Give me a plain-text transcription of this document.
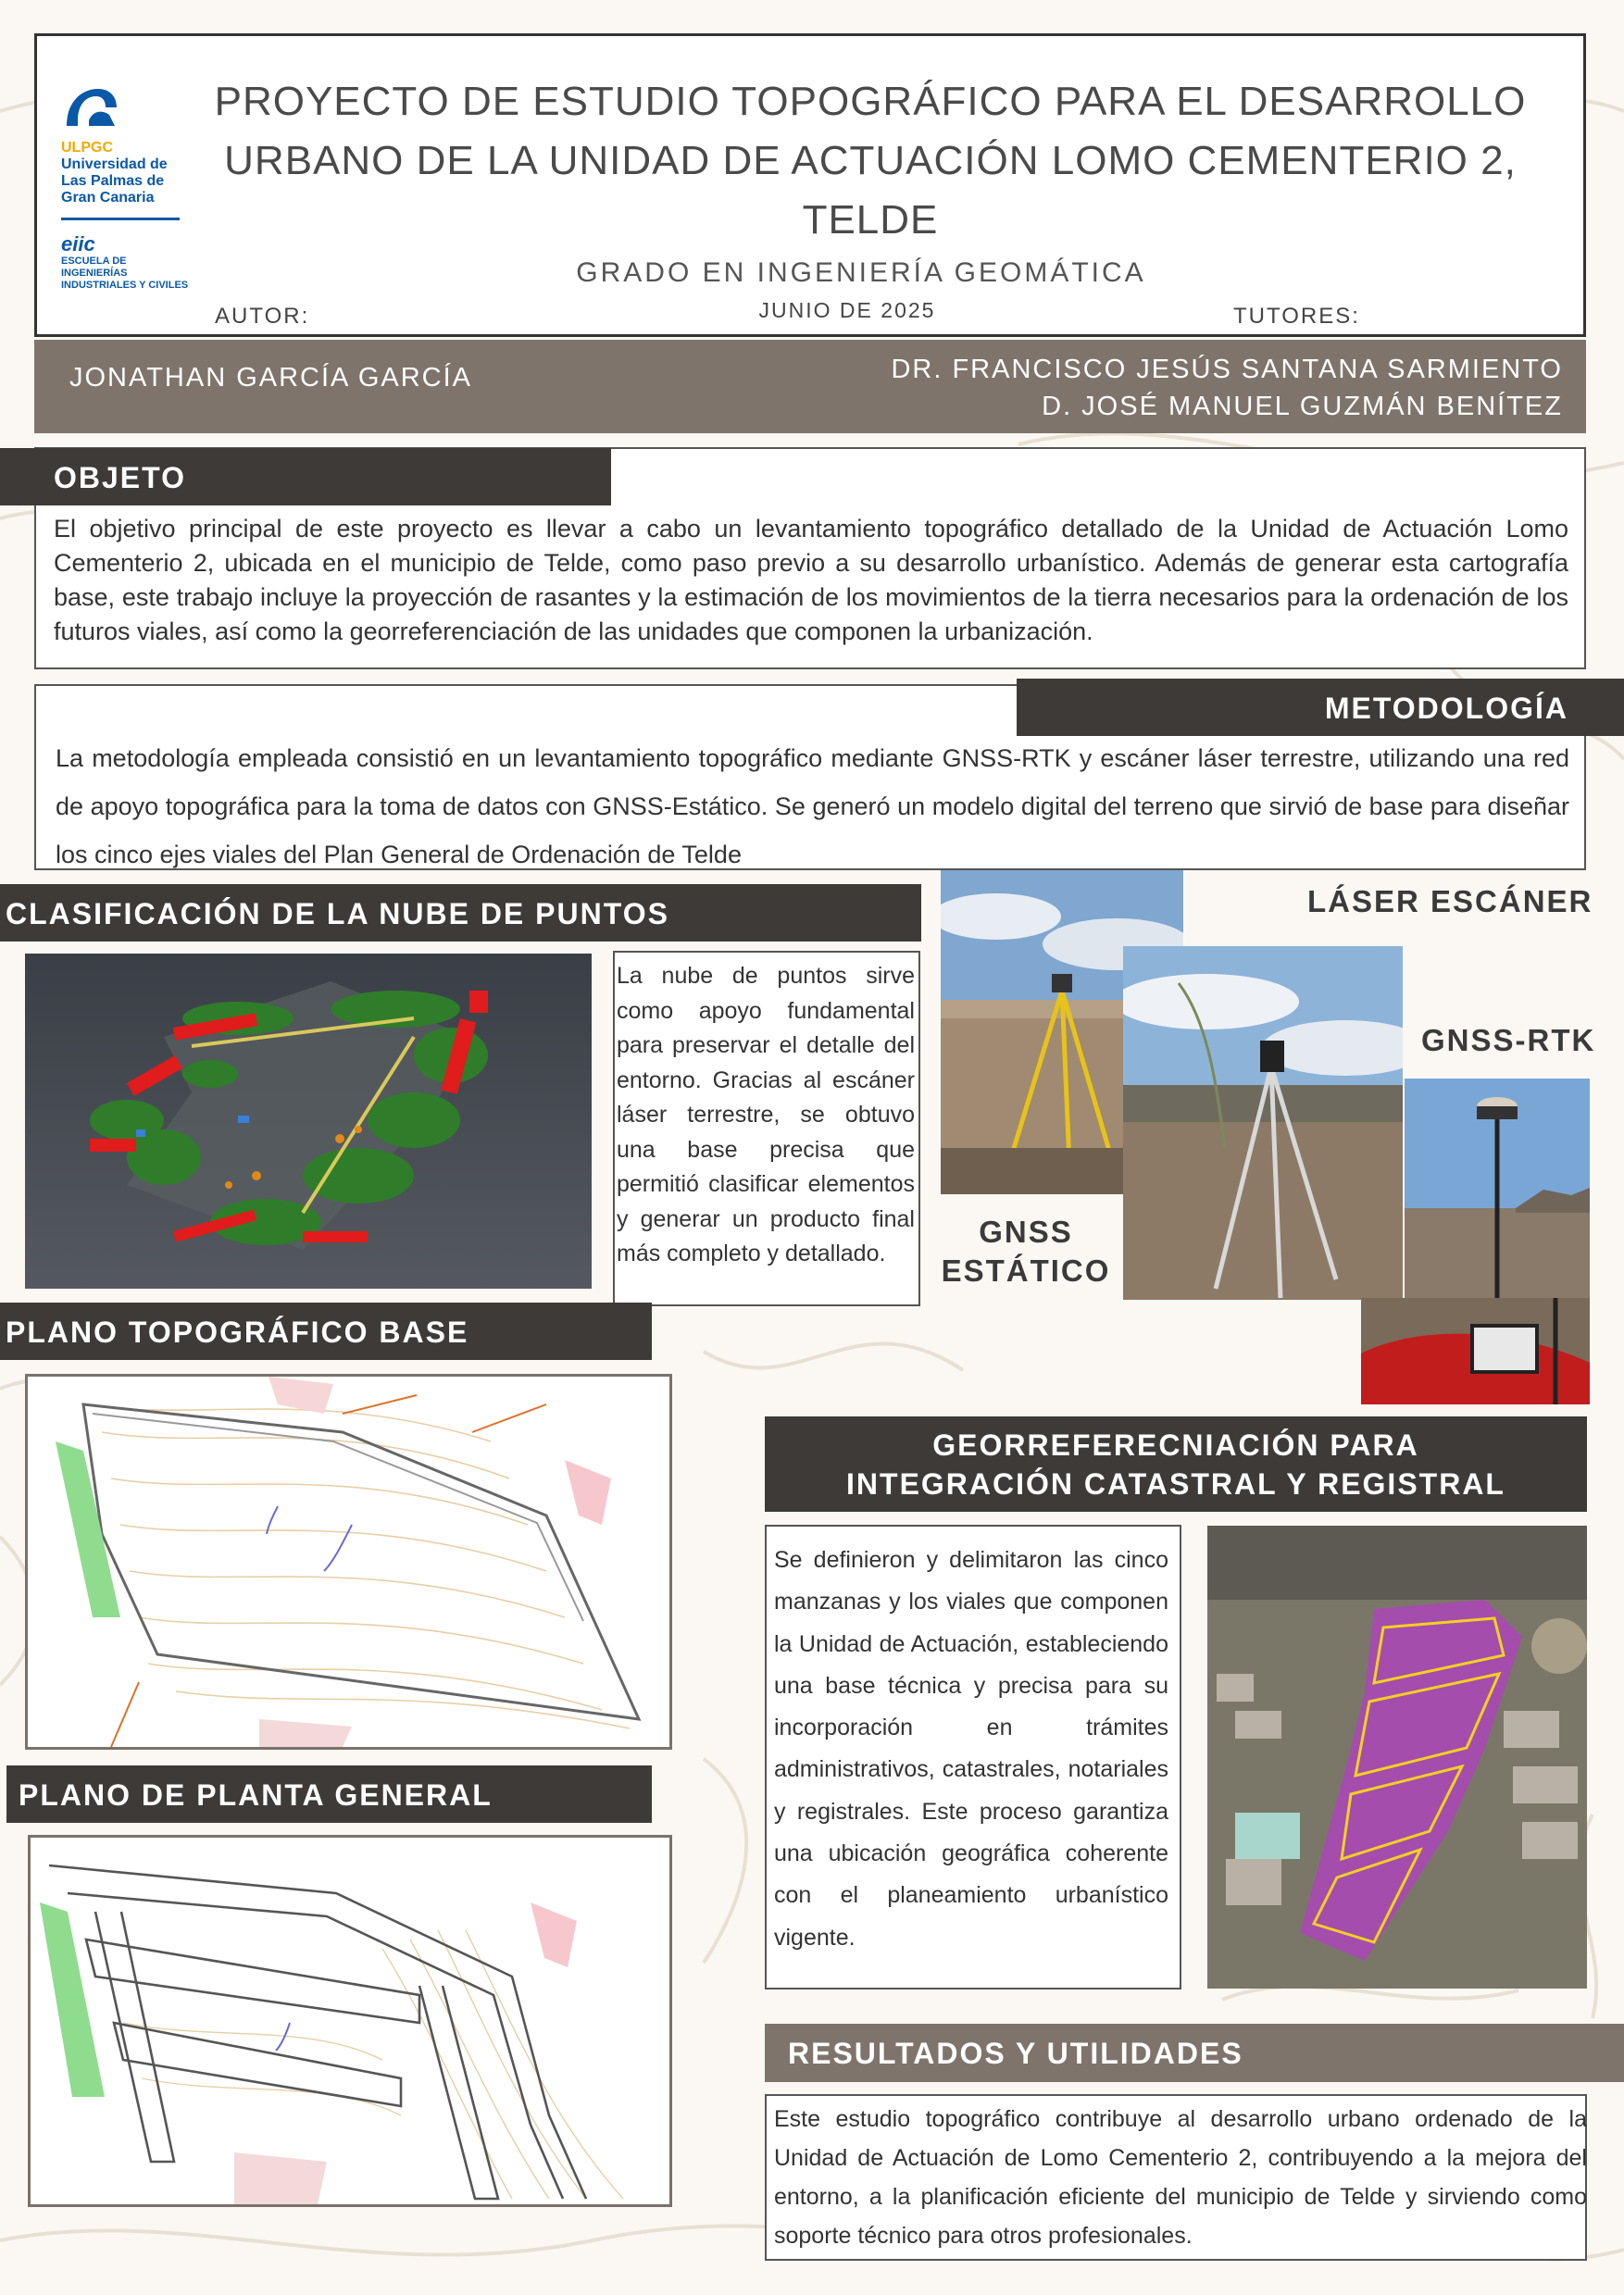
ULPGC
Universidad de
Las Palmas de
Gran Canaria
eiic
ESCUELA DE INGENIERÍAS
INDUSTRIALES Y CIVILES
PROYECTO DE ESTUDIO TOPOGRÁFICO PARA EL DESARROLLO URBANO DE LA UNIDAD DE ACTUACIÓN LOMO CEMENTERIO 2, TELDE
GRADO EN INGENIERÍA GEOMÁTICA
JUNIO DE 2025
AUTOR:	TUTORES:
JONATHAN GARCÍA GARCÍA	DR. FRANCISCO JESÚS SANTANA SARMIENTO
D. JOSÉ MANUEL GUZMÁN BENÍTEZ
OBJETO
El objetivo principal de este proyecto es llevar a cabo un levantamiento topográfico detallado de la Unidad de Actuación Lomo Cementerio 2, ubicada en el municipio de Telde, como paso previo a su desarrollo urbanístico. Además de generar esta cartografía base, este trabajo incluye la proyección de rasantes y la estimación de los movimientos de la tierra necesarios para la ordenación de los futuros viales, así como la georreferenciación de las unidades que componen la urbanización.
METODOLOGÍA
La metodología empleada consistió en un levantamiento topográfico mediante GNSS-RTK y escáner láser terrestre, utilizando una red de apoyo topográfica para la toma de datos con GNSS-Estático. Se generó un modelo digital del terreno que sirvió de base para diseñar los cinco ejes viales del Plan General de Ordenación de Telde
CLASIFICACIÓN DE LA NUBE DE PUNTOS
La nube de puntos sirve como apoyo fundamental para preservar el detalle del entorno. Gracias al escáner láser terrestre, se obtuvo una base precisa que permitió clasificar elementos y generar un producto final más completo y detallado.
LÁSER ESCÁNER
GNSS-RTK
GNSS
ESTÁTICO
PLANO TOPOGRÁFICO BASE
PLANO DE PLANTA GENERAL
GEORREFERECNIACIÓN PARA
INTEGRACIÓN CATASTRAL Y REGISTRAL
Se definieron y delimitaron las cinco manzanas y los viales que componen la Unidad de Actuación, estableciendo una base técnica y precisa para su incorporación en trámites administrativos, catastrales, notariales y registrales. Este proceso garantiza una ubicación geográfica coherente con el planeamiento urbanístico vigente.
RESULTADOS Y UTILIDADES
Este estudio topográfico contribuye al desarrollo urbano ordenado de la Unidad de Actuación de Lomo Cementerio 2, contribuyendo a la mejora del entorno, a la planificación eficiente del municipio de Telde y sirviendo como soporte técnico para otros profesionales.
